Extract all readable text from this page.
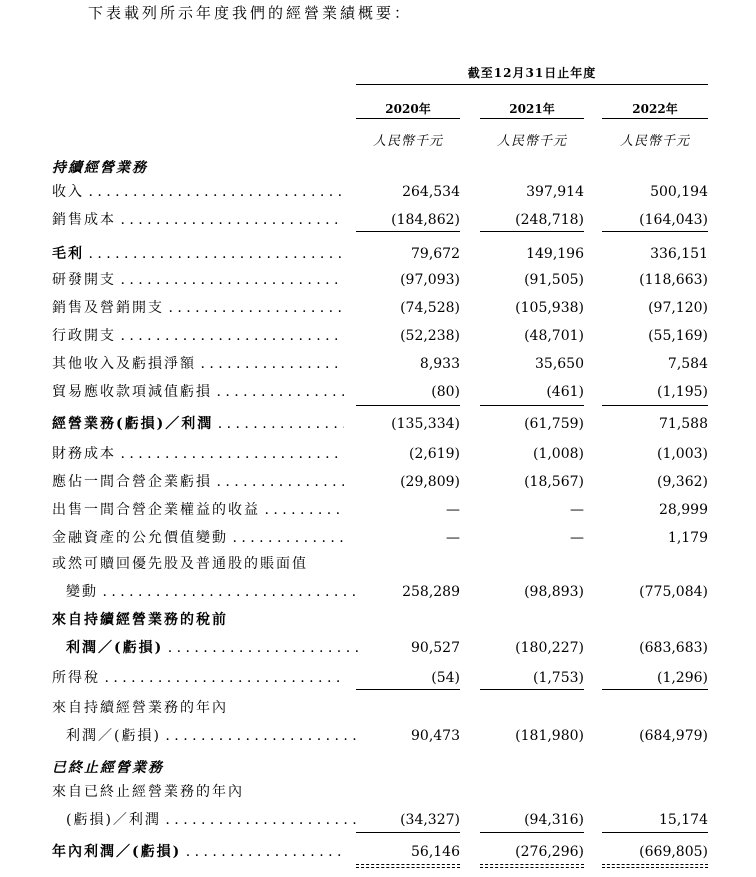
下表載列所示年度我們的經營業績概要：
截至12月31日止年度
2020年	2021年	2022年
人民幣千元	人民幣千元	人民幣千元
持續經營業務
收入 . . .	264,534	397,914	500,194
銷售成本 . . .	(184,862)	(248,718)	(164,043)
毛利 . . .	79,672	149,196	336,151
研發開支 . . .	(97,093)	(91,505)	(118,663)
銷售及營銷開支 . . .	(74,528)	(105,938)	(97,120)
行政開支 . . .	(52,238)	(48,701)	(55,169)
其他收入及虧損淨額 . . .	8,933	35,650	7,584
貿易應收款項減值虧損 . . .	(80)	(461)	(1,195)
經營業務(虧損)／利潤 . . .	(135,334)	(61,759)	71,588
財務成本 . . .	(2,619)	(1,008)	(1,003)
應佔一間合營企業虧損 . . .	(29,809)	(18,567)	(9,362)
出售一間合營企業權益的收益 . . .	—	—	28,999
金融資產的公允價值變動 . . .	—	—	1,179
或然可贖回優先股及普通股的賬面值
變動 . . .	258,289	(98,893)	(775,084)
來自持續經營業務的稅前
利潤／(虧損) . . .	90,527	(180,227)	(683,683)
所得稅 . . .	(54)	(1,753)	(1,296)
來自持續經營業務的年內
利潤／(虧損) . . .	90,473	(181,980)	(684,979)
已終止經營業務
來自已終止經營業務的年內
(虧損)／利潤 . . .	(34,327)	(94,316)	15,174
年內利潤／(虧損) . . .	56,146	(276,296)	(669,805)
